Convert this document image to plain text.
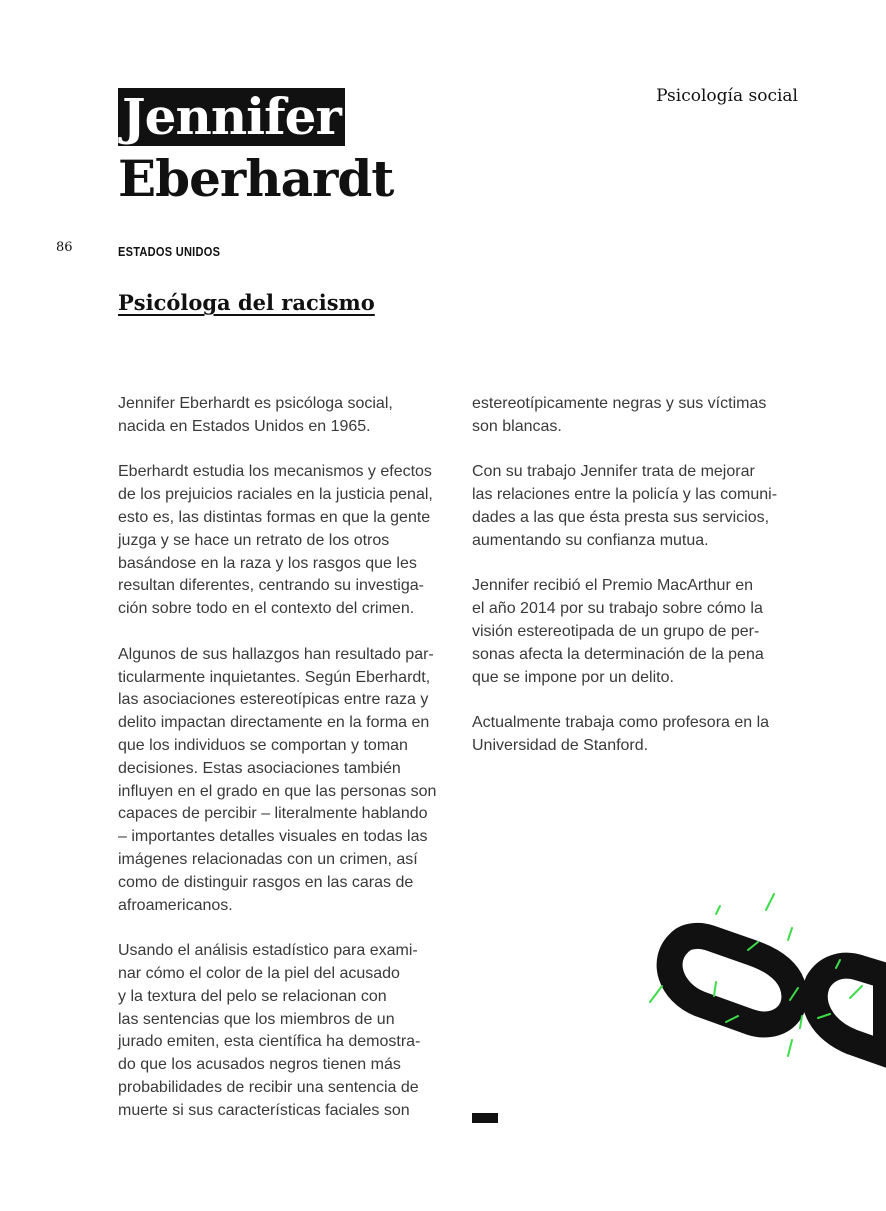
Psicología social
Jennifer
Eberhardt
86	ESTADOS UNIDOS
Psicóloga del racismo

Jennifer Eberhardt es psicóloga social,
nacida en Estados Unidos en 1965.

Eberhardt estudia los mecanismos y efectos
de los prejuicios raciales en la justicia penal,
esto es, las distintas formas en que la gente
juzga y se hace un retrato de los otros
basándose en la raza y los rasgos que les
resultan diferentes, centrando su investiga-
ción sobre todo en el contexto del crimen.

Algunos de sus hallazgos han resultado par-
ticularmente inquietantes. Según Eberhardt,
las asociaciones estereotípicas entre raza y
delito impactan directamente en la forma en
que los individuos se comportan y toman
decisiones. Estas asociaciones también
influyen en el grado en que las personas son
capaces de percibir – literalmente hablando
– importantes detalles visuales en todas las
imágenes relacionadas con un crimen, así
como de distinguir rasgos en las caras de
afroamericanos.

Usando el análisis estadístico para exami-
nar cómo el color de la piel del acusado
y la textura del pelo se relacionan con
las sentencias que los miembros de un
jurado emiten, esta científica ha demostra-
do que los acusados negros tienen más
probabilidades de recibir una sentencia de
muerte si sus características faciales son

estereotípicamente negras y sus víctimas
son blancas.

Con su trabajo Jennifer trata de mejorar
las relaciones entre la policía y las comuni-
dades a las que ésta presta sus servicios,
aumentando su confianza mutua.

Jennifer recibió el Premio MacArthur en
el año 2014 por su trabajo sobre cómo la
visión estereotipada de un grupo de per-
sonas afecta la determinación de la pena
que se impone por un delito.

Actualmente trabaja como profesora en la
Universidad de Stanford.
